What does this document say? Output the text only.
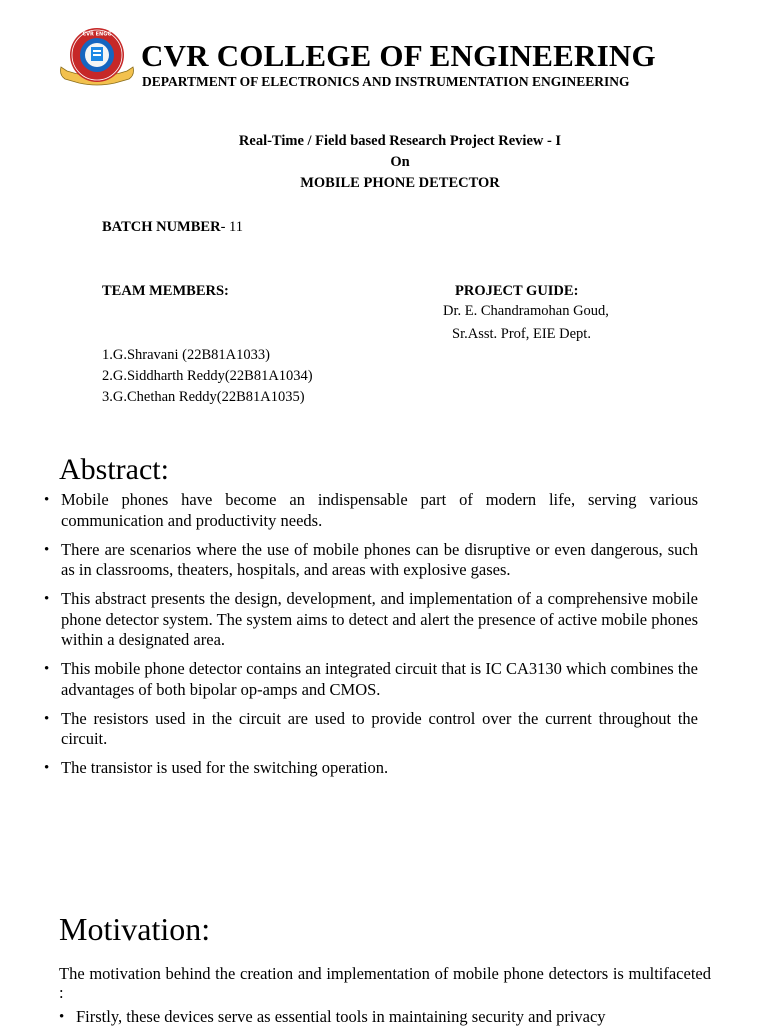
CVR ENGG
CVR COLLEGE OF ENGINEERING
DEPARTMENT OF ELECTRONICS AND INSTRUMENTATION ENGINEERING
Real-Time / Field based Research Project Review - I
On
MOBILE PHONE DETECTOR
BATCH NUMBER- 11
TEAM MEMBERS:	PROJECT GUIDE:
Dr. E. Chandramohan Goud,
Sr.Asst. Prof, EIE Dept.
1.G.Shravani (22B81A1033)
2.G.Siddharth Reddy(22B81A1034)
3.G.Chethan Reddy(22B81A1035)
Abstract:
• Mobile phones have become an indispensable part of modern life, serving various communication and productivity needs.
• There are scenarios where the use of mobile phones can be disruptive or even dangerous, such as in classrooms, theaters, hospitals, and areas with explosive gases.
• This abstract presents the design, development, and implementation of a comprehensive mobile phone detector system. The system aims to detect and alert the presence of active mobile phones within a designated area.
• This mobile phone detector contains an integrated circuit that is IC CA3130 which combines the advantages of both bipolar op-amps and CMOS.
• The resistors used in the circuit are used to provide control over the current throughout the circuit.
• The transistor is used for the switching operation.
Motivation:
The motivation behind the creation and implementation of mobile phone detectors is multifaceted :
• Firstly, these devices serve as essential tools in maintaining security and privacy
